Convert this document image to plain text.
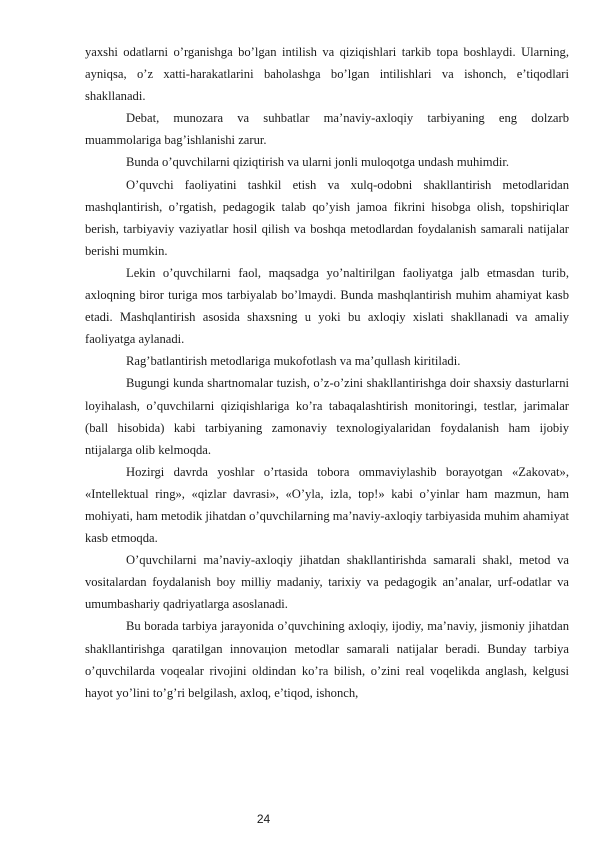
yaxshi odatlarni o’rganishga bo’lgan intilish va qiziqishlari tarkib topa boshlaydi. Ularning, ayniqsa, o’z xatti-harakatlarini baholashga bo’lgan intilishlari va ishonch, e’tiqodlari shakllanadi.

Debat, munozara va suhbatlar ma’naviy-axloqiy tarbiyaning eng dolzarb muammolariga bag’ishlanishi zarur.

Bunda o’quvchilarni qiziqtirish va ularni jonli muloqotga undash muhimdir.

O’quvchi faoliyatini tashkil etish va xulq-odobni shakllantirish metodlaridan mashqlantirish, o’rgatish, pedagogik talab qo’yish jamoa fikrini hisobga olish, topshiriqlar berish, tarbiyaviy vaziyatlar hosil qilish va boshqa metodlardan foydalanish samarali natijalar berishi mumkin.

Lekin o’quvchilarni faol, maqsadga yo’naltirilgan faoliyatga jalb etmasdan turib, axloqning biror turiga mos tarbiyalab bo’lmaydi. Bunda mashqlantirish muhim ahamiyat kasb etadi. Mashqlantirish asosida shaxsning u yoki bu axloqiy xislati shakllanadi va amaliy faoliyatga aylanadi.

Rag’batlantirish metodlariga mukofotlash va ma’qullash kiritiladi.

Bugungi kunda shartnomalar tuzish, o’z-o’zini shakllantirishga doir shaxsiy dasturlarni loyihalash, o’quvchilarni qiziqishlariga ko’ra tabaqalashtirish monitoringi, testlar, jarimalar (ball hisobida) kabi tarbiyaning zamonaviy texnologiyalaridan foydalanish ham ijobiy ntijalarga olib kelmoqda.

Hozirgi davrda yoshlar o’rtasida tobora ommaviylashib borayotgan «Zakovat», «Intellektual ring», «qizlar davrasi», «O’yla, izla, top!» kabi o’yinlar ham mazmun, ham mohiyati, ham metodik jihatdan o’quvchilarning ma’naviy-axloqiy tarbiyasida muhim ahamiyat kasb etmoqda.

O’quvchilarni ma’naviy-axloqiy jihatdan shakllantirishda samarali shakl, metod va vositalardan foydalanish boy milliy madaniy, tarixiy va pedagogik an’analar, urf-odatlar va umumbashariy qadriyatlarga asoslanadi.

Bu borada tarbiya jarayonida o’quvchining axloqiy, ijodiy, ma’naviy, jismoniy jihatdan shakllantirishga qaratilgan innovaцion metodlar samarali natijalar beradi. Bunday tarbiya o’quvchilarda voqealar rivojini oldindan ko’ra bilish, o’zini real voqelikda anglash, kelgusi hayot yo’lini to’g’ri belgilash, axloq, e’tiqod, ishonch,

24
